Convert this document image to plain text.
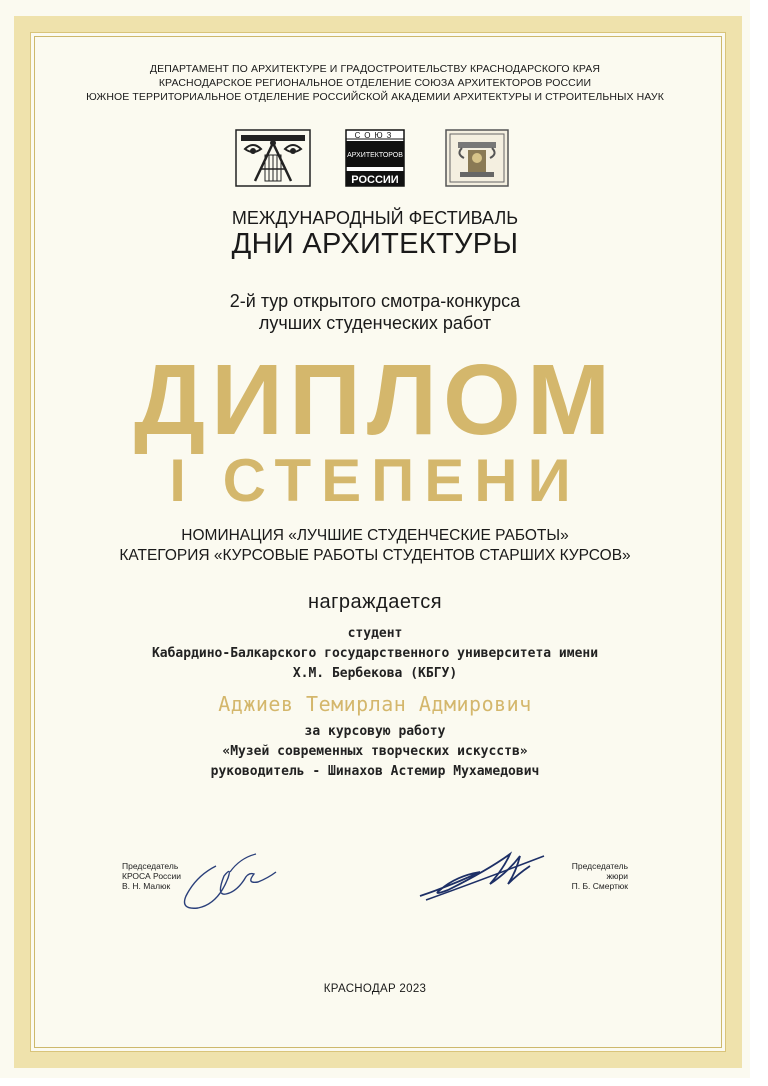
ДЕПАРТАМЕНТ ПО АРХИТЕКТУРЕ И ГРАДОСТРОИТЕЛЬСТВУ КРАСНОДАРСКОГО КРАЯ
КРАСНОДАРСКОЕ РЕГИОНАЛЬНОЕ ОТДЕЛЕНИЕ СОЮЗА АРХИТЕКТОРОВ РОССИИ
ЮЖНОЕ ТЕРРИТОРИАЛЬНОЕ ОТДЕЛЕНИЕ РОССИЙСКОЙ АКАДЕМИИ АРХИТЕКТУРЫ И СТРОИТЕЛЬНЫХ НАУК
СОЮЗ
АРХИТЕКТОРОВ
РОССИИ
МЕЖДУНАРОДНЫЙ ФЕСТИВАЛЬ
ДНИ АРХИТЕКТУРЫ
2-й тур открытого смотра-конкурса
лучших студенческих работ
ДИПЛОМ
I СТЕПЕНИ
НОМИНАЦИЯ «ЛУЧШИЕ СТУДЕНЧЕСКИЕ РАБОТЫ»
КАТЕГОРИЯ «КУРСОВЫЕ РАБОТЫ СТУДЕНТОВ СТАРШИХ КУРСОВ»
награждается
студент
Кабардино-Балкарского государственного университета имени
Х.М. Бербекова (КБГУ)
Аджиев Темирлан Адмирович
за курсовую работу
«Музей современных творческих искусств»
руководитель - Шинахов Астемир Мухамедович
Председатель
КРОСА России
В. Н. Малюк
Председатель
жюри
П. Б. Смертюк
КРАСНОДАР 2023
